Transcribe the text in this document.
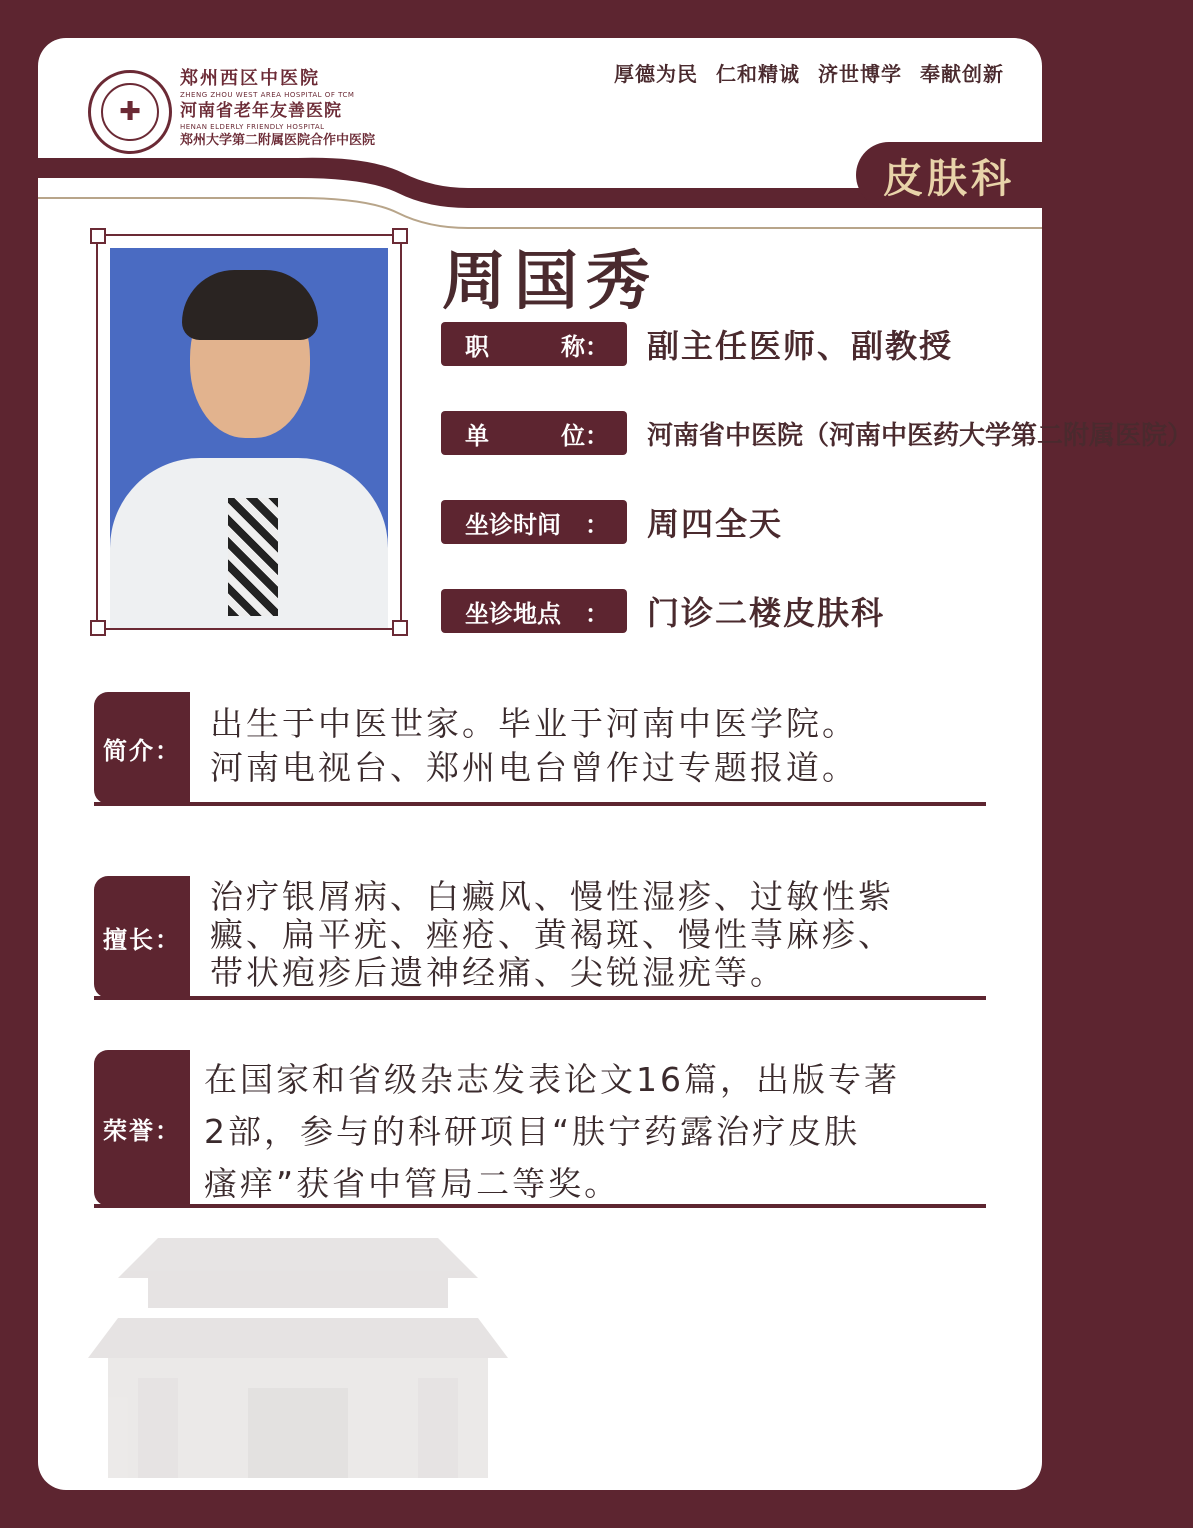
✚
郑州西区中医院
ZHENG ZHOU WEST AREA HOSPITAL OF TCM
河南省老年友善医院
HENAN ELDERLY FRIENDLY HOSPITAL
郑州大学第二附属医院合作中医院
厚德为民 仁和精诚 济世博学 奉献创新
皮肤科
周国秀
职	称： 副主任医师、副教授
单	位： 河南省中医院（河南中医药大学第二附属医院）
坐诊时间 ： 周四全天
坐诊地点 ： 门诊二楼皮肤科
简介：
出生于中医世家。毕业于河南中医学院。
河南电视台、郑州电台曾作过专题报道。
擅长：
治疗银屑病、白癜风、慢性湿疹、过敏性紫
癜、扁平疣、痤疮、黄褐斑、慢性荨麻疹、
带状疱疹后遗神经痛、尖锐湿疣等。
荣誉：
在国家和省级杂志发表论文16篇，出版专著
2部，参与的科研项目“肤宁药露治疗皮肤
瘙痒”获省中管局二等奖。
